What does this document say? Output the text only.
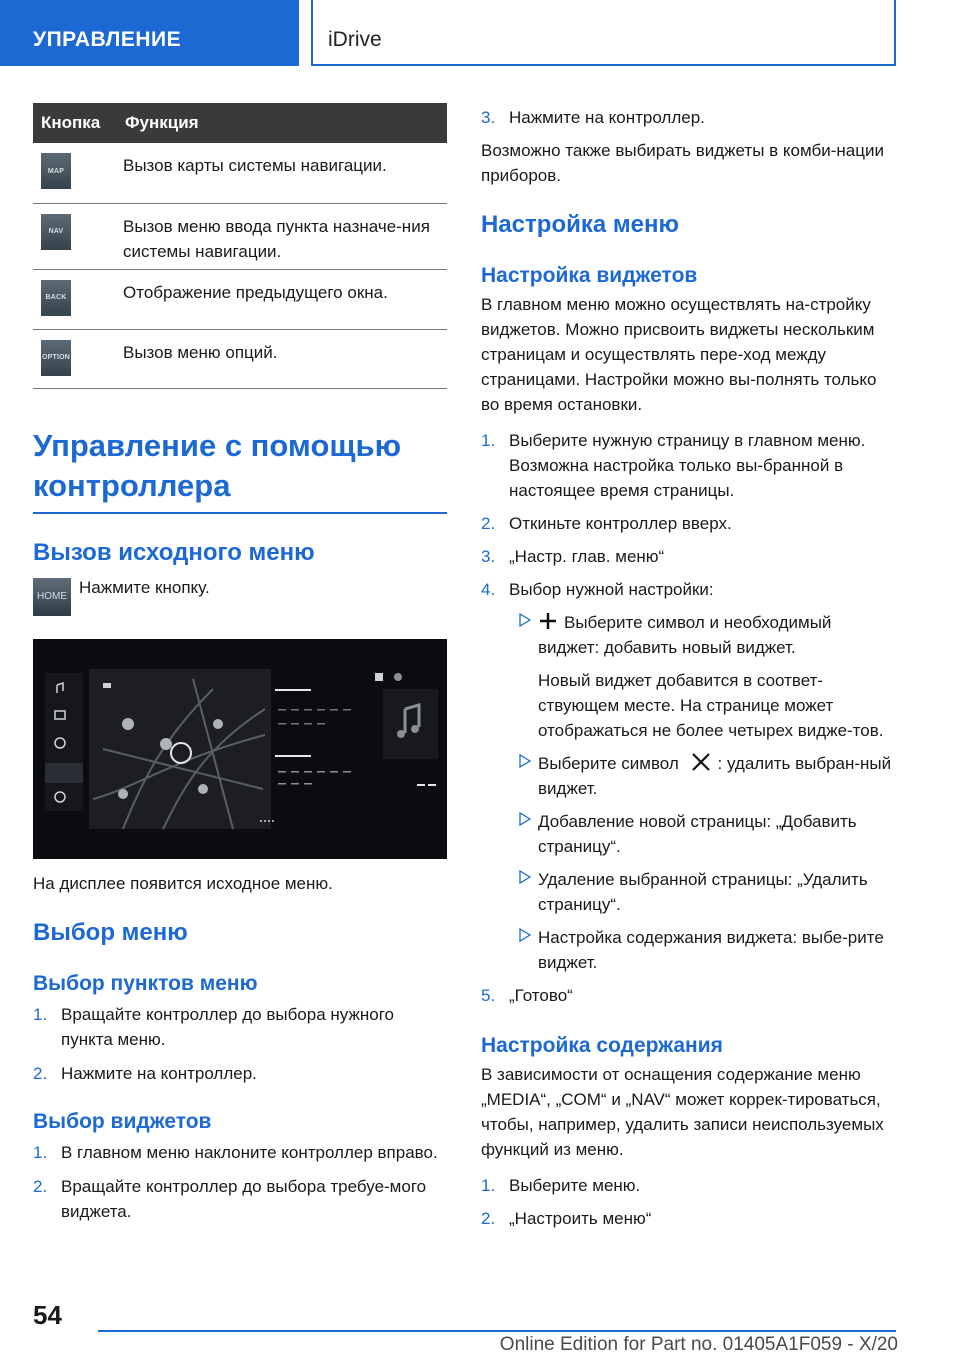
УПРАВЛЕНИЕ	iDrive
Кнопка	Функция

MAP	Вызов карты системы навигации.

NAV	Вызов меню ввода пункта назначе-ния системы навигации.

BACK	Отображение предыдущего окна.

OPTION	Вызов меню опций.
Управление с помощью контроллера
Вызов исходного меню
HOME Нажмите кнопку.

На дисплее появится исходное меню.

Выбор меню
Выбор пунктов меню
1. Вращайте контроллер до выбора нужного пункта меню.
2. Нажмите на контроллер.
Выбор виджетов
1. В главном меню наклоните контроллер вправо.
2. Вращайте контроллер до выбора требуе-мого виджета.
3. Нажмите на контроллер.

Возможно также выбирать виджеты в комби-нации приборов.

Настройка меню
Настройка виджетов

В главном меню можно осуществлять на-стройку виджетов. Можно присвоить виджеты нескольким страницам и осуществлять пере-ход между страницами. Настройки можно вы-полнять только во время остановки.

1. Выберите нужную страницу в главном меню. Возможна настройка только вы-бранной в настоящее время страницы.
2. Откиньте контроллер вверх.
3. „Настр. глав. меню“
4. Выбор нужной настройки:
Выберите символ и необходимый виджет: добавить новый виджет.
Новый виджет добавится в соответ-ствующем месте. На странице может отображаться не более четырех видже-тов.
Выберите символ : удалить выбран-ный виджет.
Добавление новой страницы: „Добавить страницу“.
Удаление выбранной страницы: „Удалить страницу“.
Настройка содержания виджета: выбе-рите виджет.
5. „Готово“
Настройка содержания

В зависимости от оснащения содержание меню „MEDIA“, „COM“ и „NAV“ может коррек-тироваться, чтобы, например, удалить записи неиспользуемых функций из меню.

1. Выберите меню.
2. „Настроить меню“
54
Online Edition for Part no. 01405A1F059 - X/20
